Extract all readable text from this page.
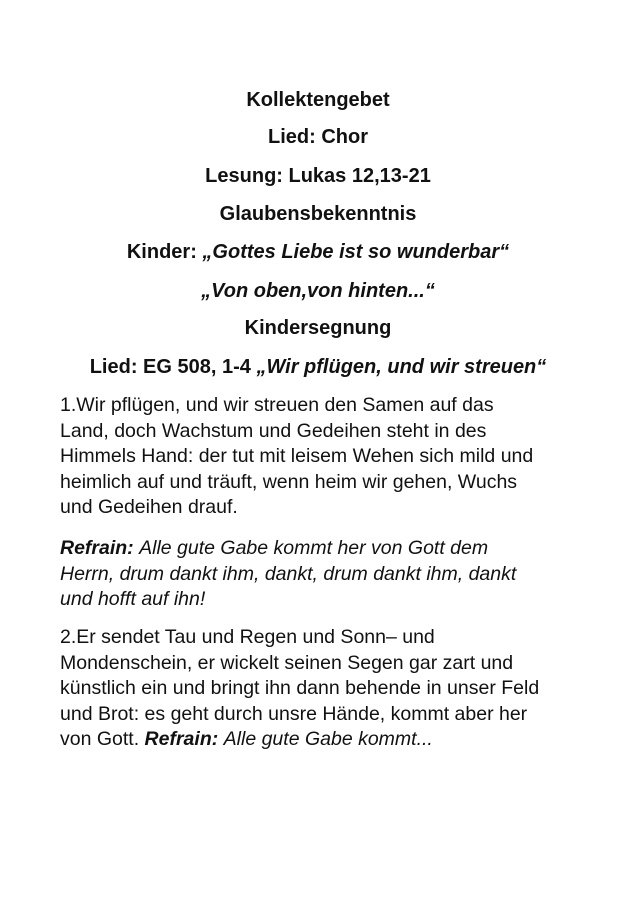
Kollektengebet
Lied: Chor
Lesung: Lukas 12,13-21
Glaubensbekenntnis
Kinder: „Gottes Liebe ist so wunderbar“
„Von oben,von hinten...“
Kindersegnung
Lied: EG 508, 1-4 „Wir pflügen, und wir streuen“
1.Wir pflügen, und wir streuen den Samen auf das
Land, doch Wachstum und Gedeihen steht in des
Himmels Hand: der tut mit leisem Wehen sich mild und
heimlich auf und träuft, wenn heim wir gehen, Wuchs
und Gedeihen drauf.
Refrain: Alle gute Gabe kommt her von Gott dem
Herrn, drum dankt ihm, dankt, drum dankt ihm, dankt
und hofft auf ihn!
2.Er sendet Tau und Regen und Sonn– und
Mondenschein, er wickelt seinen Segen gar zart und
künstlich ein und bringt ihn dann behende in unser Feld
und Brot: es geht durch unsre Hände, kommt aber her
von Gott. Refrain: Alle gute Gabe kommt...
